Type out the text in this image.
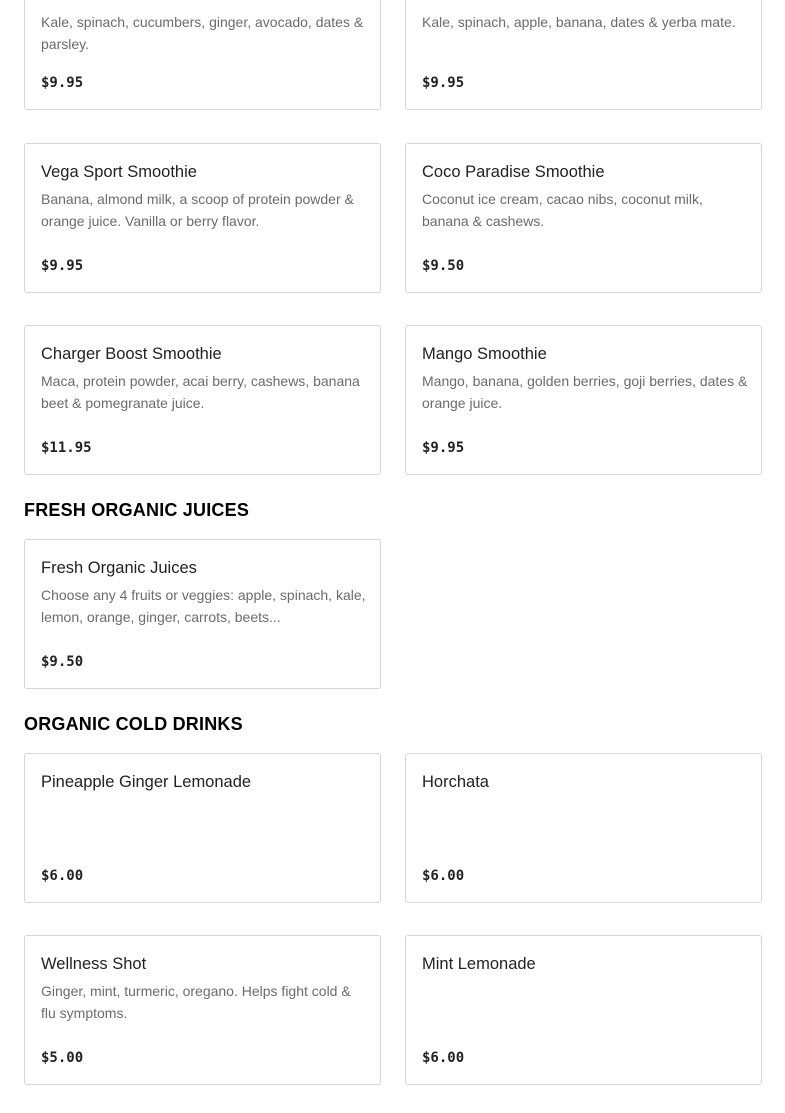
Kale, spinach, cucumbers, ginger, avocado, dates & parsley.
$9.95
Kale, spinach, apple, banana, dates & yerba mate.
$9.95
Vega Sport Smoothie
Banana, almond milk, a scoop of protein powder & orange juice. Vanilla or berry flavor.
$9.95
Coco Paradise Smoothie
Coconut ice cream, cacao nibs, coconut milk, banana & cashews.
$9.50
Charger Boost Smoothie
Maca, protein powder, acai berry, cashews, banana beet & pomegranate juice.
$11.95
Mango Smoothie
Mango, banana, golden berries, goji berries, dates & orange juice.
$9.95
FRESH ORGANIC JUICES
Fresh Organic Juices
Choose any 4 fruits or veggies: apple, spinach, kale, lemon, orange, ginger, carrots, beets...
$9.50
ORGANIC COLD DRINKS
Pineapple Ginger Lemonade
$6.00
Horchata
$6.00
Wellness Shot
Ginger, mint, turmeric, oregano. Helps fight cold & flu symptoms.
$5.00
Mint Lemonade
$6.00
